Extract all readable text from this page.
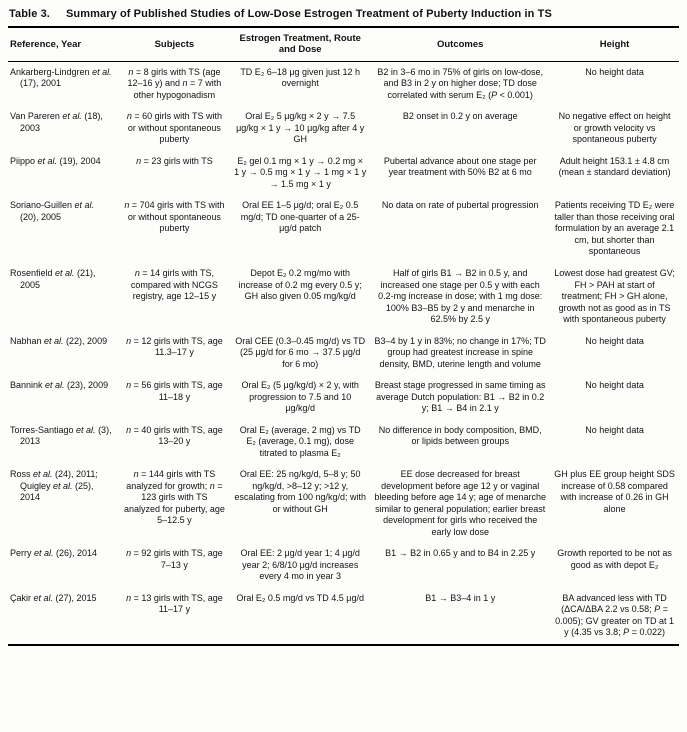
Table 3. Summary of Published Studies of Low-Dose Estrogen Treatment of Puberty Induction in TS
Reference, Year	Subjects	Estrogen Treatment, Route and Dose	Outcomes	Height
Ankarberg-Lindgren et al. (17), 2001	n = 8 girls with TS (age 12–16 y) and n = 7 with other hypogonadism	TD E₂ 6–18 μg given just 12 h overnight	B2 in 3–6 mo in 75% of girls on low-dose, and B3 in 2 y on higher dose; TD dose correlated with serum E₂ (P < 0.001)	No height data
Van Pareren et al. (18), 2003	n = 60 girls with TS with or without spontaneous puberty	Oral E₂ 5 μg/kg × 2 y → 7.5 μg/kg × 1 y → 10 μg/kg after 4 y GH	B2 onset in 0.2 y on average	No negative effect on height or growth velocity vs spontaneous puberty
Piippo et al. (19), 2004	n = 23 girls with TS	E₂ gel 0.1 mg × 1 y → 0.2 mg × 1 y → 0.5 mg × 1 y → 1 mg × 1 y → 1.5 mg × 1 y	Pubertal advance about one stage per year treatment with 50% B2 at 6 mo	Adult height 153.1 ± 4.8 cm (mean ± standard deviation)
Soriano-Guillen et al. (20), 2005	n = 704 girls with TS with or without spontaneous puberty	Oral EE 1–5 μg/d; oral E₂ 0.5 mg/d; TD one-quarter of a 25-μg/d patch	No data on rate of pubertal progression	Patients receiving TD E₂ were taller than those receiving oral formulation by an average 2.1 cm, but shorter than spontaneous
Rosenfield et al. (21), 2005	n = 14 girls with TS, compared with NCGS registry, age 12–15 y	Depot E₂ 0.2 mg/mo with increase of 0.2 mg every 0.5 y; GH also given 0.05 mg/kg/d	Half of girls B1 → B2 in 0.5 y, and increased one stage per 0.5 y with each 0.2-mg increase in dose; with 1 mg dose: 100% B3–B5 by 2 y and menarche in 62.5% by 2.5 y	Lowest dose had greatest GV; FH > PAH at start of treatment; FH > GH alone, growth not as good as in TS with spontaneous puberty
Nabhan et al. (22), 2009	n = 12 girls with TS, age 11.3–17 y	Oral CEE (0.3–0.45 mg/d) vs TD (25 μg/d for 6 mo → 37.5 μg/d for 6 mo)	B3–4 by 1 y in 83%; no change in 17%; TD group had greatest increase in spine density, BMD, uterine length and volume	No height data
Bannink et al. (23), 2009	n = 56 girls with TS, age 11–18 y	Oral E₂ (5 μg/kg/d) × 2 y, with progression to 7.5 and 10 μg/kg/d	Breast stage progressed in same timing as average Dutch population: B1 → B2 in 0.2 y; B1 → B4 in 2.1 y	No height data
Torres-Santiago et al. (3), 2013	n = 40 girls with TS, age 13–20 y	Oral E₂ (average, 2 mg) vs TD E₂ (average, 0.1 mg), dose titrated to plasma E₂	No difference in body composition, BMD, or lipids between groups	No height data
Ross et al. (24), 2011; Quigley et al. (25), 2014	n = 144 girls with TS analyzed for growth; n = 123 girls with TS analyzed for puberty, age 5–12.5 y	Oral EE: 25 ng/kg/d, 5–8 y; 50 ng/kg/d, >8–12 y; >12 y, escalating from 100 ng/kg/d; with or without GH	EE dose decreased for breast development before age 12 y or vaginal bleeding before age 14 y; age of menarche similar to general population; earlier breast development for girls who received the early low dose	GH plus EE group height SDS increase of 0.58 compared with increase of 0.26 in GH alone
Perry et al. (26), 2014	n = 92 girls with TS, age 7–13 y	Oral EE: 2 μg/d year 1; 4 μg/d year 2; 6/8/10 μg/d increases every 4 mo in year 3	B1 → B2 in 0.65 y and to B4 in 2.25 y	Growth reported to be not as good as with depot E₂
Çakir et al. (27), 2015	n = 13 girls with TS, age 11–17 y	Oral E₂ 0.5 mg/d vs TD 4.5 μg/d	B1 → B3–4 in 1 y	BA advanced less with TD (ΔCA/ΔBA 2.2 vs 0.58; P = 0.005); GV greater on TD at 1 y (4.35 vs 3.8; P = 0.022)
